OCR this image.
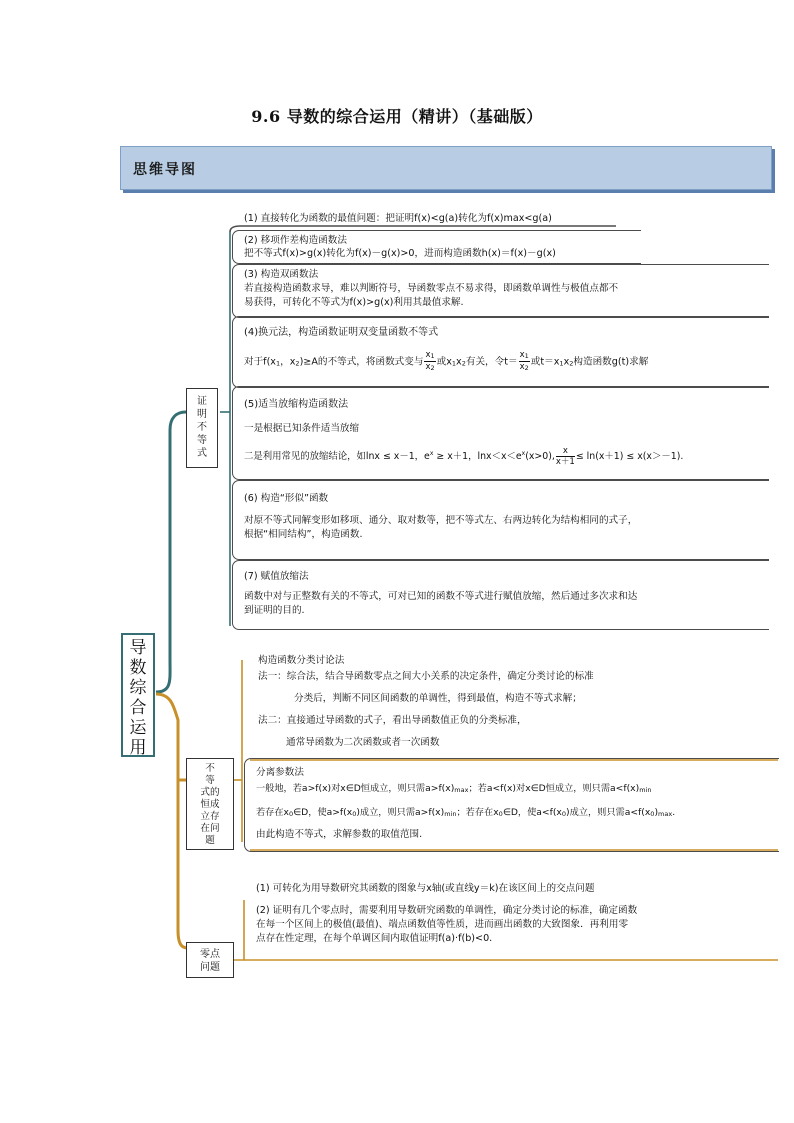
9.6 导数的综合运用（精讲）（基础版）
思维导图
导
数
综
合
运
用
证明不等式
(1) 直接转化为函数的最值问题：把证明f(x)<g(a)转化为f(x)max<g(a)
(2) 移项作差构造函数法
把不等式f(x)>g(x)转化为f(x)－g(x)>0，进而构造函数h(x)＝f(x)－g(x)
(3) 构造双函数法
若直接构造函数求导，难以判断符号，导函数零点不易求得，即函数单调性与极值点都不
易获得，可转化不等式为f(x)>g(x)利用其最值求解.
(4)换元法，构造函数证明双变量函数不等式
对于f(x1，x2)≥A的不等式，将函数式变与 $\frac{x1}{x2}$ 或x1x2有关，令$t= \frac{x1}{x2}$ 或t＝x1x2构造函数g(t)求解
(5)适当放缩构造函数法
一是根据已知条件适当放缩
二是利用常见的放缩结论，如lnx ≤ x－1，$e^x \ge x+1$，$\ln x<x<e^x(x>0)$, $\frac{x}{x+1} \le \ln(x+1) \le x(x>-1)$.
(6) 构造“形似”函数
对原不等式同解变形如移项、通分、取对数等，把不等式左、右两边转化为结构相同的式子，
根据“相同结构”，构造函数.
(7) 赋值放缩法
函数中对与正整数有关的不等式，可对已知的函数不等式进行赋值放缩，然后通过多次求和达
到证明的目的.
不
等
式的
恒成
立存
在问
题
构造函数分类讨论法
法一：综合法，结合导函数零点之间大小关系的决定条件，确定分类讨论的标准
分类后，判断不同区间函数的单调性，得到最值，构造不等式求解；
法二：直接通过导函数的式子，看出导函数值正负的分类标准，
通常导函数为二次函数或者一次函数
分离参数法
一般地，若a>f(x)对x∈D恒成立，则只需a>f(x)max；若a<f(x)对x∈D恒成立，则只需a<f(x)min
若存在x0∈D，使a>f(x0)成立，则只需a>f(x)min；若存在x0∈D，使a<f(x0)成立，则只需a<f(x0)max.
由此构造不等式，求解参数的取值范围.
零点问题
(1) 可转化为用导数研究其函数的图象与x轴(或直线y＝k)在该区间上的交点问题
(2) 证明有几个零点时，需要利用导数研究函数的单调性，确定分类讨论的标准，确定函数
在每一个区间上的极值(最值)、端点函数值等性质，进而画出函数的大致图象．再利用零
点存在性定理，在每个单调区间内取值证明f(a)·f(b)<0.
